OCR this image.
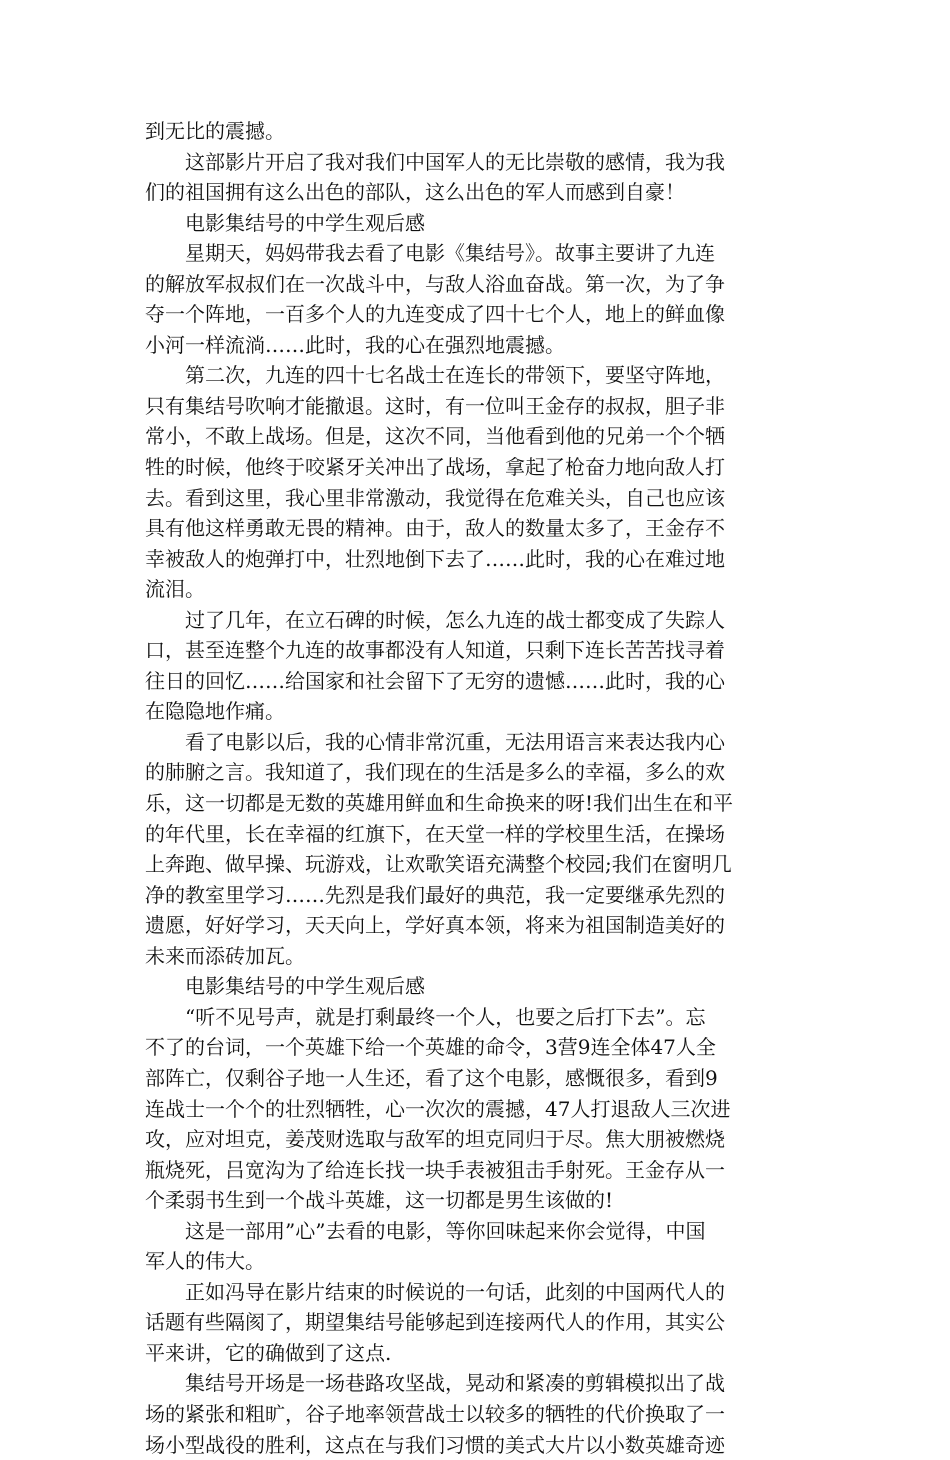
到无比的震撼。

这部影片开启了我对我们中国军人的无比崇敬的感情，我为我
们的祖国拥有这么出色的部队，这么出色的军人而感到自豪！

电影集结号的中学生观后感

星期天，妈妈带我去看了电影《集结号》。故事主要讲了九连
的解放军叔叔们在一次战斗中，与敌人浴血奋战。第一次，为了争
夺一个阵地，一百多个人的九连变成了四十七个人，地上的鲜血像
小河一样流淌……此时，我的心在强烈地震撼。

第二次，九连的四十七名战士在连长的带领下，要坚守阵地，
只有集结号吹响才能撤退。这时，有一位叫王金存的叔叔，胆子非
常小，不敢上战场。但是，这次不同，当他看到他的兄弟一个个牺
牲的时候，他终于咬紧牙关冲出了战场，拿起了枪奋力地向敌人打
去。看到这里，我心里非常激动，我觉得在危难关头，自己也应该
具有他这样勇敢无畏的精神。由于，敌人的数量太多了，王金存不
幸被敌人的炮弹打中，壮烈地倒下去了……此时，我的心在难过地
流泪。

过了几年，在立石碑的时候，怎么九连的战士都变成了失踪人
口，甚至连整个九连的故事都没有人知道，只剩下连长苦苦找寻着
往日的回忆……给国家和社会留下了无穷的遗憾……此时，我的心
在隐隐地作痛。

看了电影以后，我的心情非常沉重，无法用语言来表达我内心
的肺腑之言。我知道了，我们现在的生活是多么的幸福，多么的欢
乐，这一切都是无数的英雄用鲜血和生命换来的呀!我们出生在和平
的年代里，长在幸福的红旗下，在天堂一样的学校里生活，在操场
上奔跑、做早操、玩游戏，让欢歌笑语充满整个校园;我们在窗明几
净的教室里学习……先烈是我们最好的典范，我一定要继承先烈的
遗愿，好好学习，天天向上，学好真本领，将来为祖国制造美好的
未来而添砖加瓦。

电影集结号的中学生观后感

“听不见号声，就是打剩最终一个人，也要之后打下去”。忘
不了的台词，一个英雄下给一个英雄的命令，3营9连全体47人全
部阵亡，仅剩谷子地一人生还，看了这个电影，感慨很多，看到9
连战士一个个的壮烈牺牲，心一次次的震撼，47人打退敌人三次进
攻，应对坦克，姜茂财选取与敌军的坦克同归于尽。焦大朋被燃烧
瓶烧死，吕宽沟为了给连长找一块手表被狙击手射死。王金存从一
个柔弱书生到一个战斗英雄，这一切都是男生该做的!

这是一部用”心”去看的电影，等你回味起来你会觉得，中国
军人的伟大。

正如冯导在影片结束的时候说的一句话，此刻的中国两代人的
话题有些隔阂了，期望集结号能够起到连接两代人的作用，其实公
平来讲，它的确做到了这点.

集结号开场是一场巷路攻坚战，晃动和紧凑的剪辑模拟出了战
场的紧张和粗旷，谷子地率领营战士以较多的牺牲的代价换取了一
场小型战役的胜利，这点在与我们习惯的美式大片以小数英雄奇迹
